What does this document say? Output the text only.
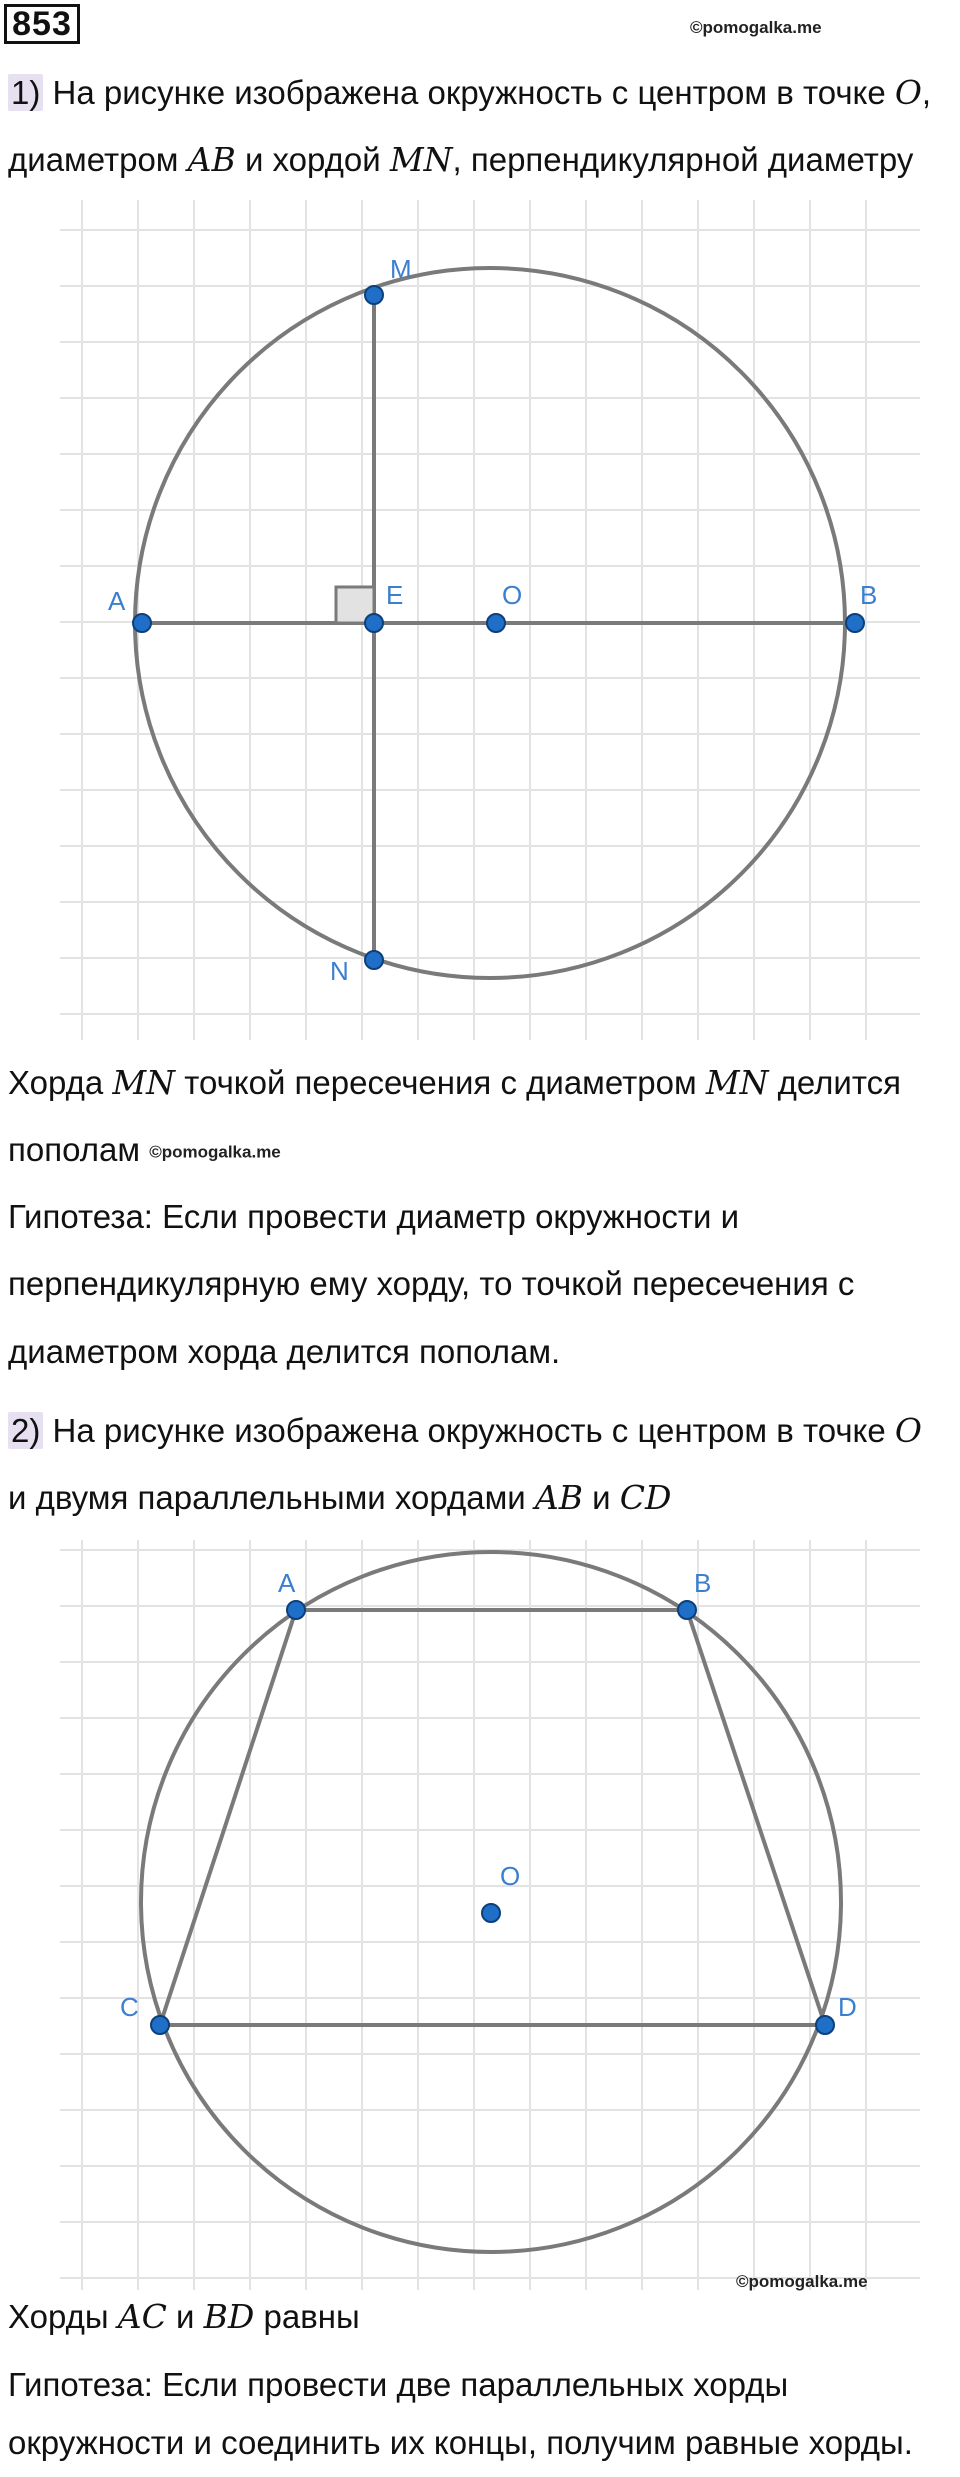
853	©pomogalka.me
1) На рисунке изображена окружность с центром в точке O,
диаметром AB и хордой MN, перпендикулярной диаметру
M
A	E	O	B
N
Хорда MN точкой пересечения с диаметром MN делится
пополам ©pomogalka.me
Гипотеза: Если провести диаметр окружности и
перпендикулярную ему хорду, то точкой пересечения с
диаметром хорда делится пополам.
2) На рисунке изображена окружность с центром в точке O
и двумя параллельными хордами AB и CD
A	B
O
C	D
©pomogalka.me
Хорды AC и BD равны
Гипотеза: Если провести две параллельных хорды
окружности и соединить их концы, получим равные хорды.
